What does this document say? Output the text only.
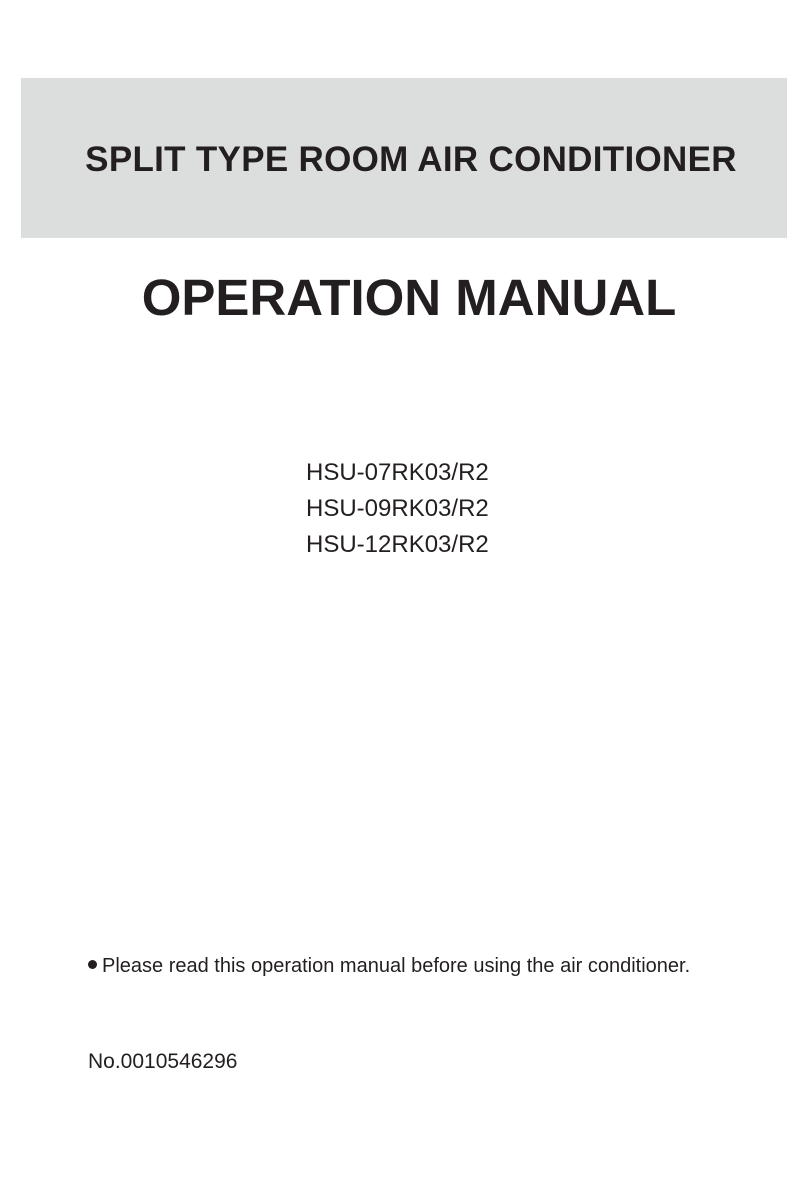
SPLIT TYPE ROOM AIR CONDITIONER
OPERATION MANUAL
HSU-07RK03/R2
HSU-09RK03/R2
HSU-12RK03/R2
Please read this operation manual before using the air conditioner.
No.0010546296
